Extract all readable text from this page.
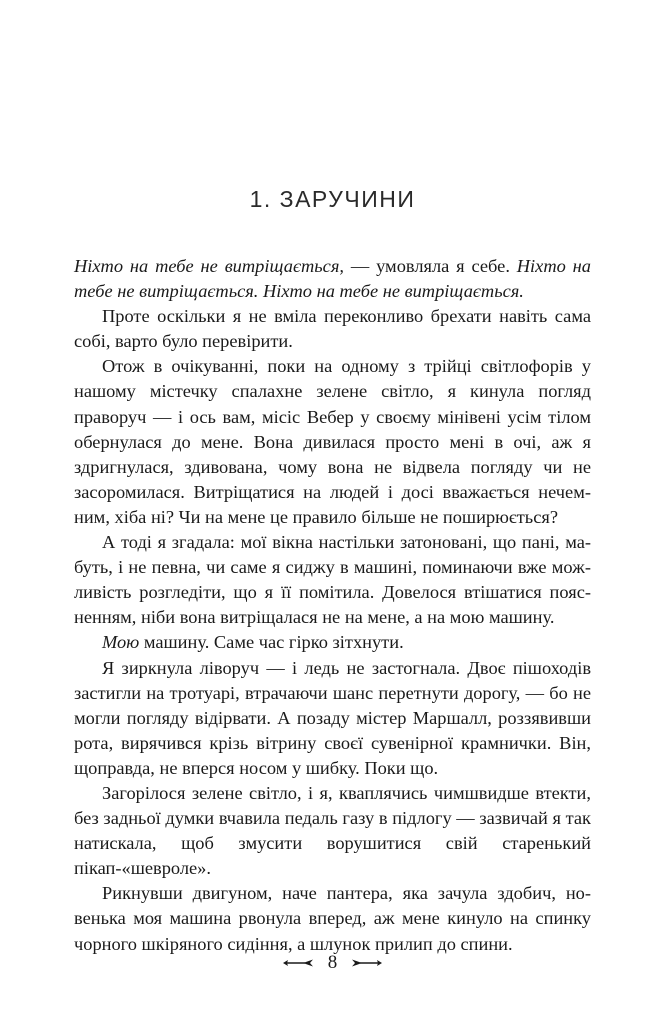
1. ЗАРУЧИНИ

Ніхто на тебе не витріщається, — умовляла я себе. Ніхто на тебе не витріщається. Ніхто на тебе не витріщається.

Проте оскільки я не вміла переконливо брехати навіть сама собі, варто було перевірити.

Отож в очікуванні, поки на одному з трійці світлофорів у нашому містечку спалахне зелене світло, я кинула погляд праворуч — і ось вам, місіс Вебер у своєму мінівені усім тілом обернулася до мене. Вона дивилася просто мені в очі, аж я здригнулася, здивована, чому вона не відвела погляду чи не засоромилася. Витріщатися на людей і досі вважається нечемним, хіба ні? Чи на мене це правило більше не поширюється?

А тоді я згадала: мої вікна настільки затоновані, що пані, мабуть, і не певна, чи саме я сиджу в машині, поминаючи вже можливість розгледіти, що я її помітила. Довелося втішатися поясненням, ніби вона витріщалася не на мене, а на мою машину.

Мою машину. Саме час гірко зітхнути.

Я зиркнула ліворуч — і ледь не застогнала. Двоє пішоходів застигли на тротуарі, втрачаючи шанс перетнути дорогу, — бо не могли погляду відірвати. А позаду містер Маршалл, роззявивши рота, вирячився крізь вітрину своєї сувенірної крамнички. Він, щоправда, не вперся носом у шибку. Поки що.

Загорілося зелене світло, і я, кваплячись чимшвидше втекти, без задньої думки вчавила педаль газу в підлогу — зазвичай я так натискала, щоб змусити ворушитися свій старенький пікап-«шевроле».

Рикнувши двигуном, наче пантера, яка зачула здобич, новенька моя машина рвонула вперед, аж мене кинуло на спинку чорного шкіряного сидіння, а шлунок прилип до спини.

8
